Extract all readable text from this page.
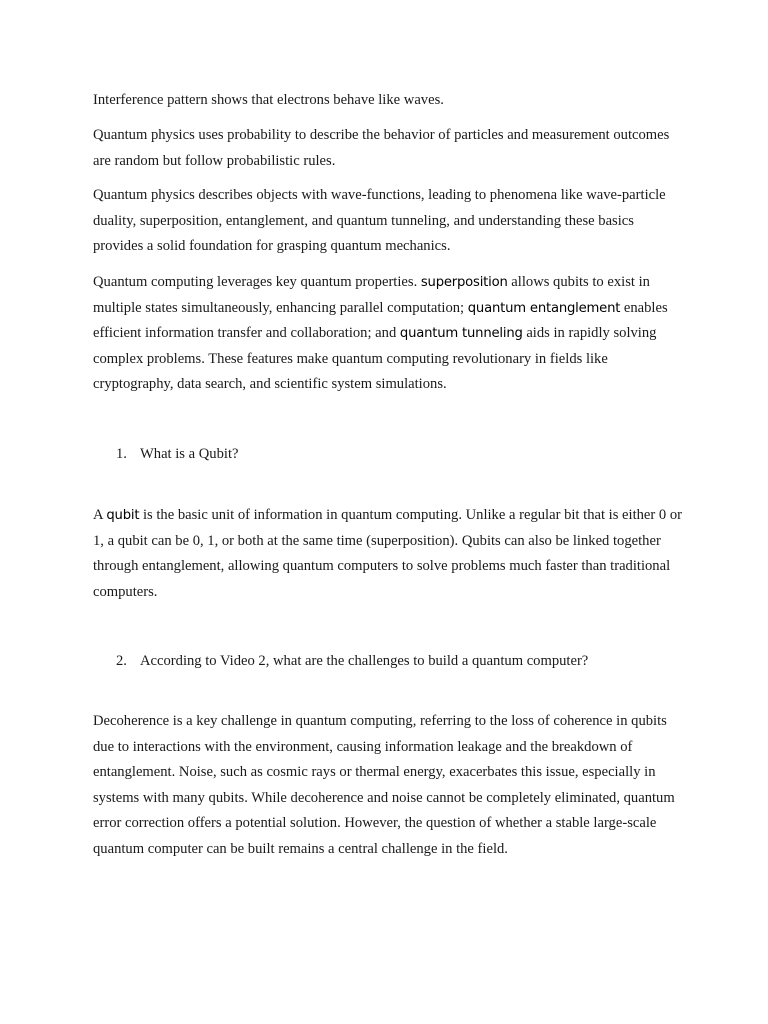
Interference pattern shows that electrons behave like waves.

Quantum physics uses probability to describe the behavior of particles and measurement outcomes are random but follow probabilistic rules.

Quantum physics describes objects with wave-functions, leading to phenomena like wave-particle duality, superposition, entanglement, and quantum tunneling, and understanding these basics provides a solid foundation for grasping quantum mechanics.

Quantum computing leverages key quantum properties. superposition allows qubits to exist in multiple states simultaneously, enhancing parallel computation; quantum entanglement enables efficient information transfer and collaboration; and quantum tunneling aids in rapidly solving complex problems. These features make quantum computing revolutionary in fields like cryptography, data search, and scientific system simulations.

1. What is a Qubit?

A qubit is the basic unit of information in quantum computing. Unlike a regular bit that is either 0 or 1, a qubit can be 0, 1, or both at the same time (superposition). Qubits can also be linked together through entanglement, allowing quantum computers to solve problems much faster than traditional computers.

2. According to Video 2, what are the challenges to build a quantum computer?

Decoherence is a key challenge in quantum computing, referring to the loss of coherence in qubits due to interactions with the environment, causing information leakage and the breakdown of entanglement. Noise, such as cosmic rays or thermal energy, exacerbates this issue, especially in systems with many qubits. While decoherence and noise cannot be completely eliminated, quantum error correction offers a potential solution. However, the question of whether a stable large-scale quantum computer can be built remains a central challenge in the field.
